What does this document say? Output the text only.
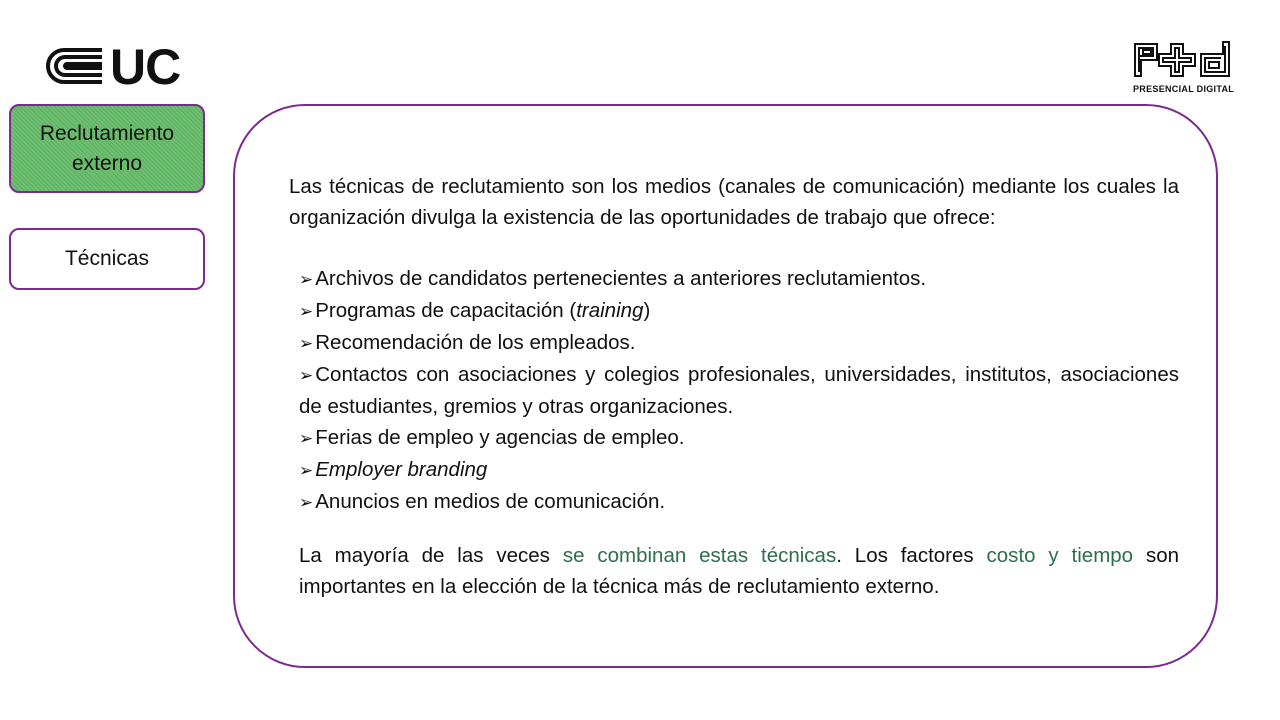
UC	PRESENCIAL DIGITAL
Reclutamiento
externo
Técnicas

Las técnicas de reclutamiento son los medios (canales de comunicación) mediante los cuales la organización divulga la existencia de las oportunidades de trabajo que ofrece:

➢Archivos de candidatos pertenecientes a anteriores reclutamientos.
➢Programas de capacitación (training)
➢Recomendación de los empleados.
➢Contactos con asociaciones y colegios profesionales, universidades, institutos, asociaciones de estudiantes, gremios y otras organizaciones.
➢Ferias de empleo y agencias de empleo.
➢Employer branding
➢Anuncios en medios de comunicación.

La mayoría de las veces se combinan estas técnicas. Los factores costo y tiempo son importantes en la elección de la técnica más de reclutamiento externo.
